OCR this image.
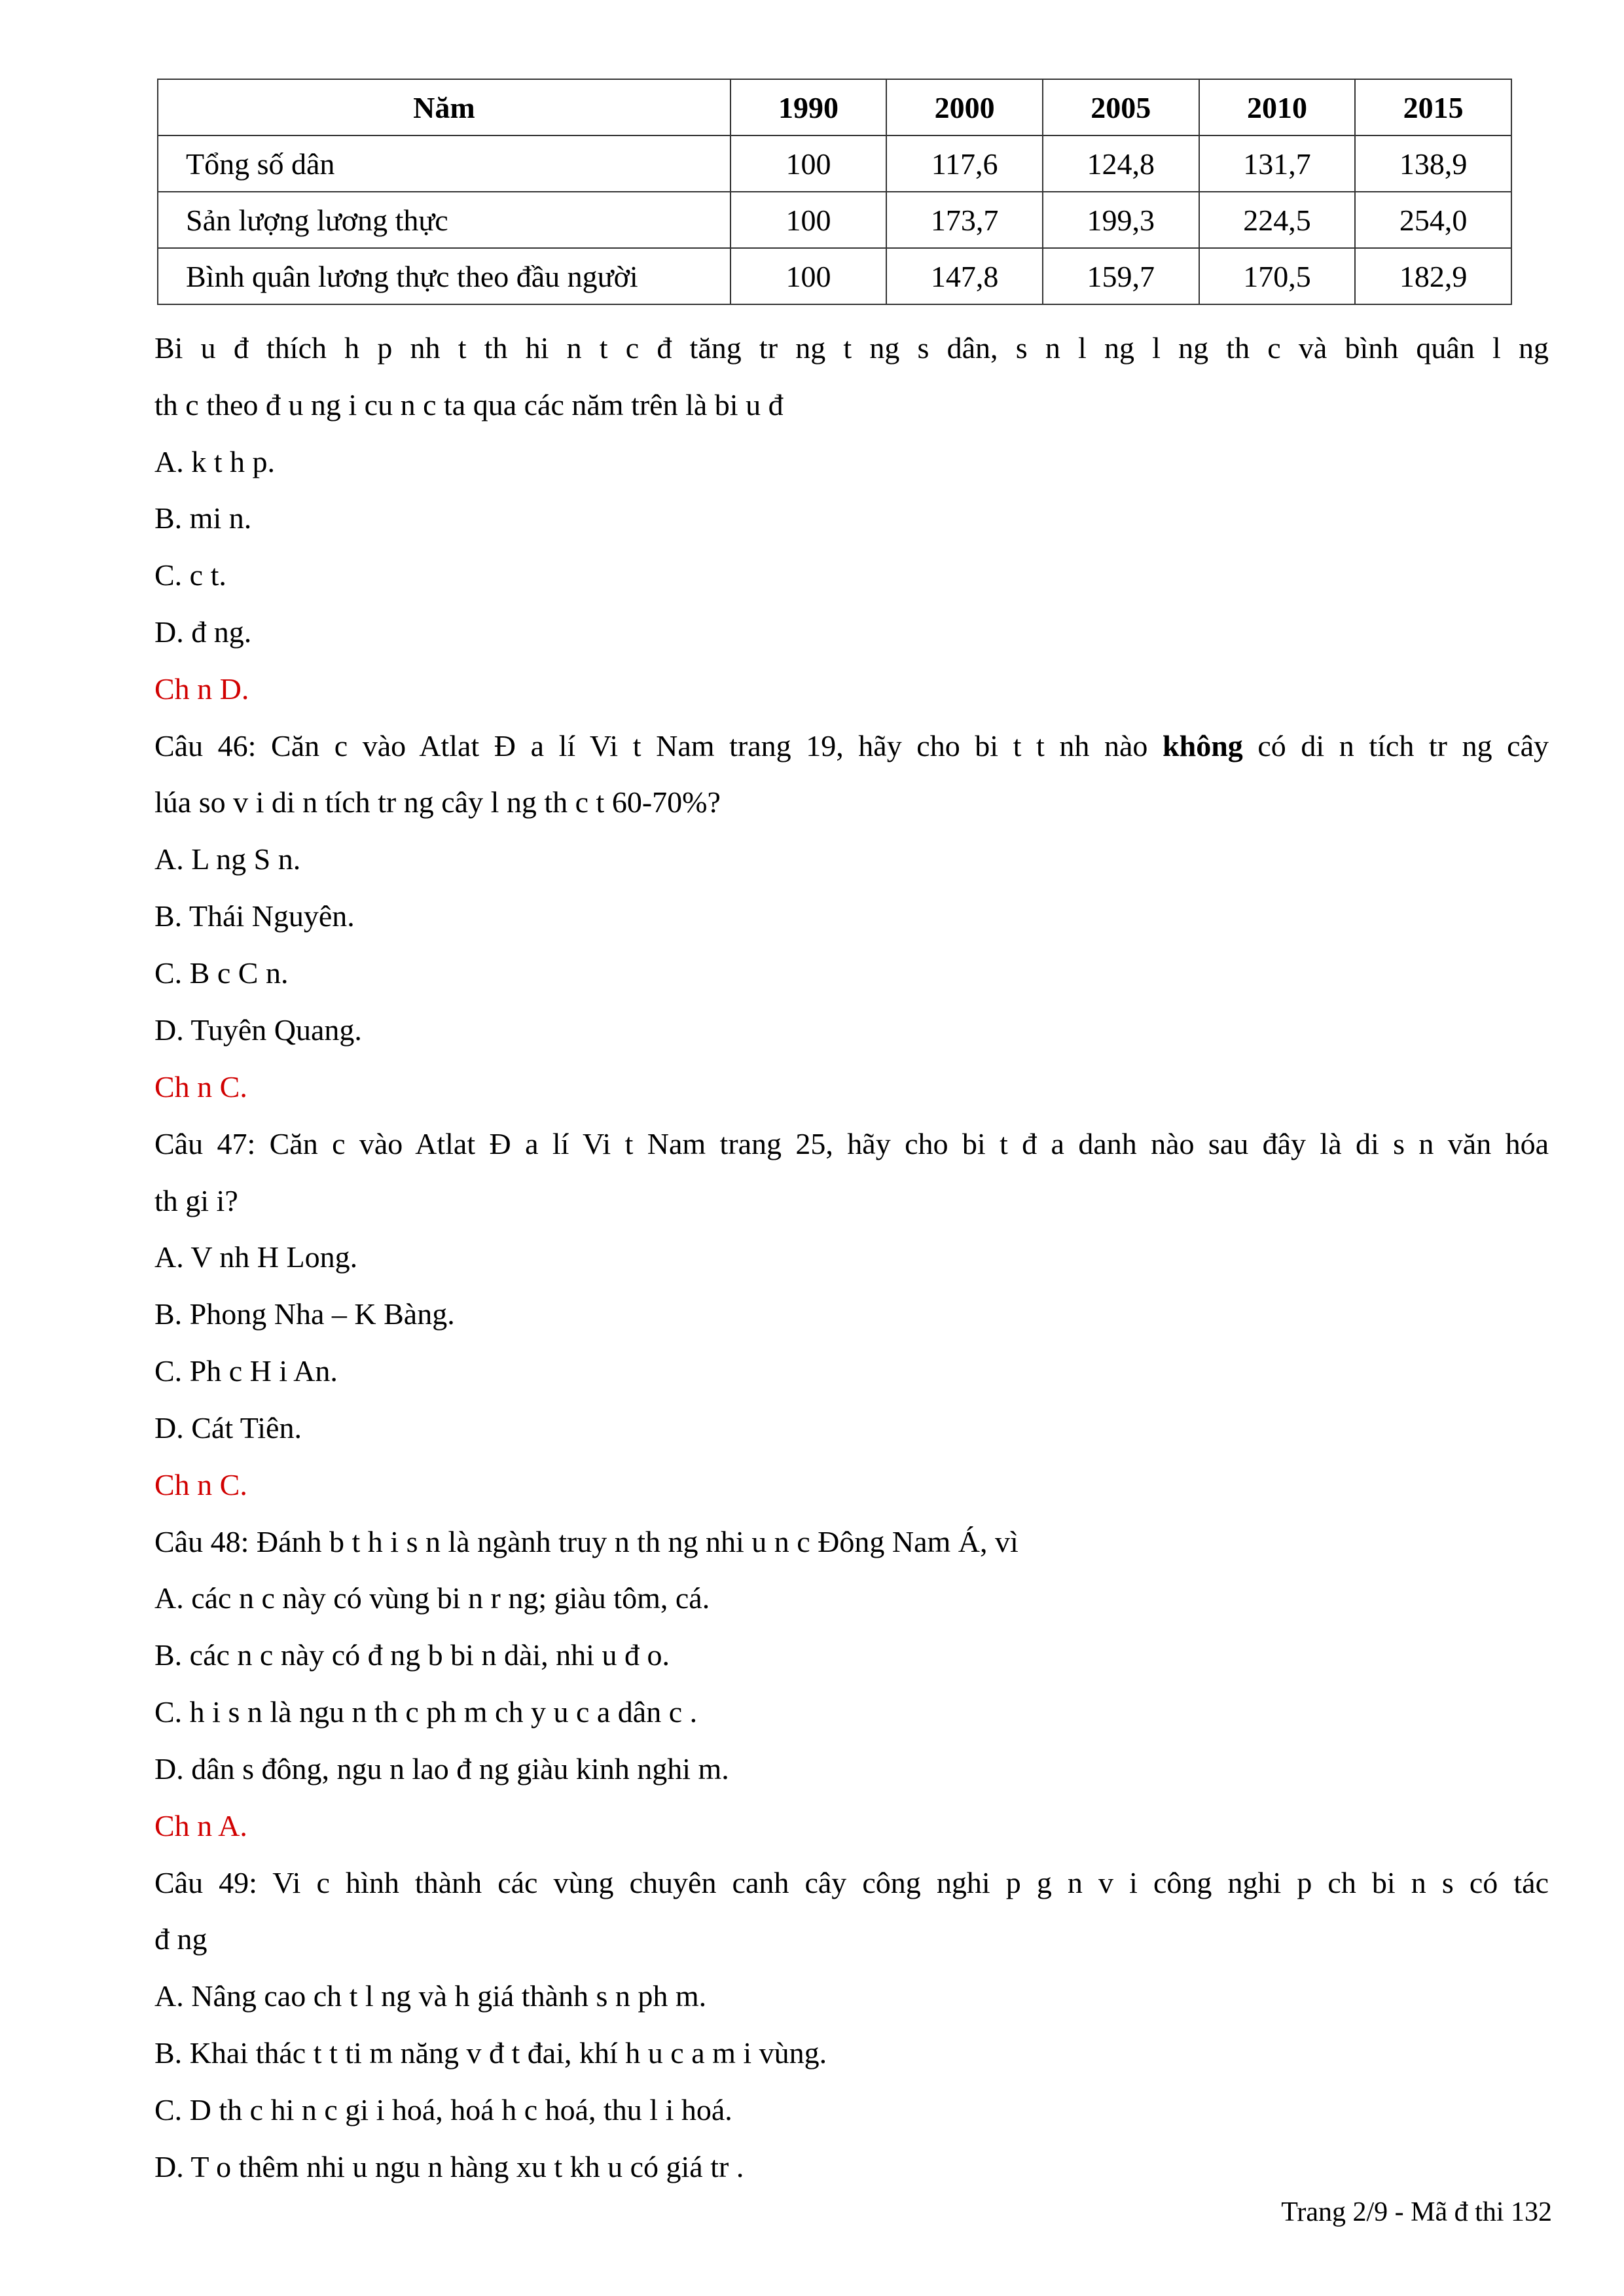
Năm	1990	2000	2005	2010	2015
Tổng số dân	100	117,6	124,8	131,7	138,9
Sản lượng lương thực	100	173,7	199,3	224,5	254,0
Bình quân lương thực theo đầu người	100	147,8	159,7	170,5	182,9
Bi u đ thích h p nh t th hi n t c đ tăng tr ng t ng s dân, s n l ng l ng th c và bình quân l ng
th c theo đ u ng i cu n c ta qua các năm trên là bi u đ
A. k t h p.
B. mi n.
C. c t.
D. đ ng.
Ch n D.
Câu 46: Căn c vào Atlat Đ a lí Vi t Nam trang 19, hãy cho bi t t nh nào không có di n tích tr ng cây
lúa so v i di n tích tr ng cây l ng th c t 60-70%?
A. L ng S n.
B. Thái Nguyên.
C. B c C n.
D. Tuyên Quang.
Ch n C.
Câu 47: Căn c vào Atlat Đ a lí Vi t Nam trang 25, hãy cho bi t đ a danh nào sau đây là di s n văn hóa
th gi i?
A. V nh H Long.
B. Phong Nha – K Bàng.
C. Ph c H i An.
D. Cát Tiên.
Ch n C.
Câu 48: Đánh b t h i s n là ngành truy n th ng nhi u n c Đông Nam Á, vì
A. các n c này có vùng bi n r ng; giàu tôm, cá.
B. các n c này có đ ng b bi n dài, nhi u đ o.
C. h i s n là ngu n th c ph m ch y u c a dân c .
D. dân s đông, ngu n lao đ ng giàu kinh nghi m.
Ch n A.
Câu 49: Vi c hình thành các vùng chuyên canh cây công nghi p g n v i công nghi p ch bi n s có tác
đ ng
A. Nâng cao ch t l ng và h giá thành s n ph m.
B. Khai thác t t ti m năng v đ t đai, khí h u c a m i vùng.
C. D th c hi n c gi i hoá, hoá h c hoá, thu l i hoá.
D. T o thêm nhi u ngu n hàng xu t kh u có giá tr .
Trang 2/9 - Mã đ thi 132
